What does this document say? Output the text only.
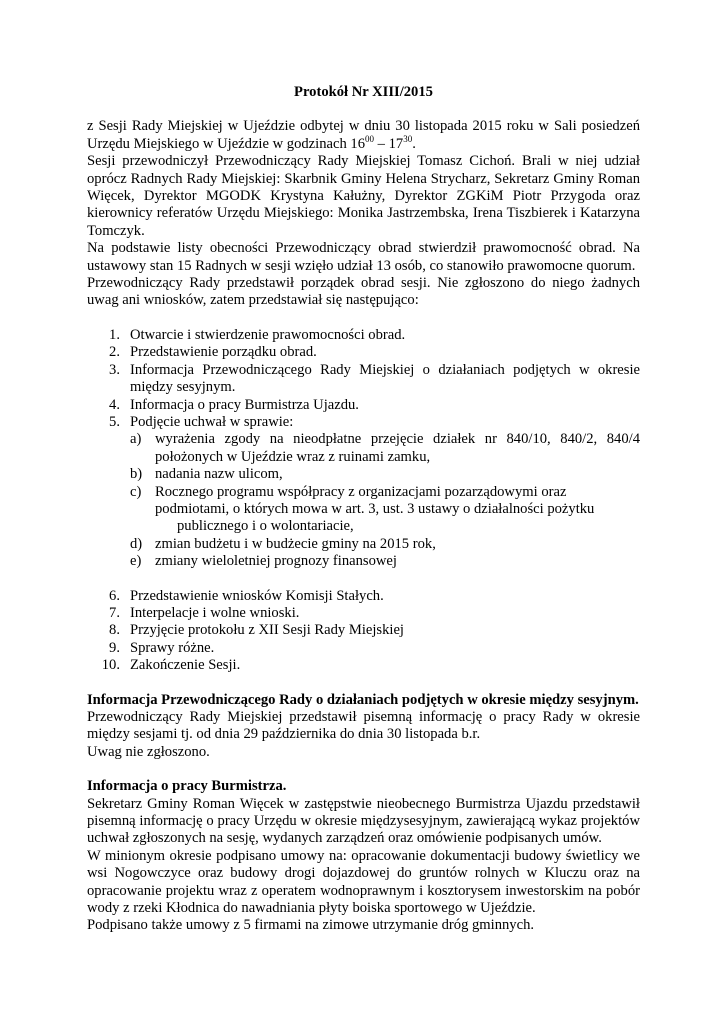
Protokół Nr XIII/2015

z Sesji Rady Miejskiej w Ujeździe odbytej w dniu 30 listopada 2015 roku w Sali posiedzeń Urzędu Miejskiego w Ujeździe w godzinach $16^{00} - 17^{30}$.

Sesji przewodniczył Przewodniczący Rady Miejskiej Tomasz Cichoń. Brali w niej udział oprócz Radnych Rady Miejskiej: Skarbnik Gminy Helena Strycharz, Sekretarz Gminy Roman Więcek, Dyrektor MGODK Krystyna Kałużny, Dyrektor ZGKiM Piotr Przygoda oraz kierownicy referatów Urzędu Miejskiego: Monika Jastrzembska, Irena Tiszbierek i Katarzyna Tomczyk.

Na podstawie listy obecności Przewodniczący obrad stwierdził prawomocność obrad. Na ustawowy stan 15 Radnych w sesji wzięło udział 13 osób, co stanowiło prawomocne quorum.

Przewodniczący Rady przedstawił porządek obrad sesji. Nie zgłoszono do niego żadnych uwag ani wniosków, zatem przedstawiał się następująco:

1. Otwarcie i stwierdzenie prawomocności obrad.
2. Przedstawienie porządku obrad.
3. Informacja Przewodniczącego Rady Miejskiej o działaniach podjętych w okresie między sesyjnym.
4. Informacja o pracy Burmistrza Ujazdu.
5. Podjęcie uchwał w sprawie:
a) wyrażenia zgody na nieodpłatne przejęcie działek nr 840/10, 840/2, 840/4 położonych w Ujeździe wraz z ruinami zamku,
b) nadania nazw ulicom,
c) Rocznego programu współpracy z organizacjami pozarządowymi oraz
podmiotami, o których mowa w art. 3, ust. 3 ustawy o działalności pożytku
publicznego i o wolontariacie,
d) zmian budżetu i w budżecie gminy na 2015 rok,
e) zmiany wieloletniej prognozy finansowej
6. Przedstawienie wniosków Komisji Stałych.
7. Interpelacje i wolne wnioski.
8. Przyjęcie protokołu z XII Sesji Rady Miejskiej
9. Sprawy różne.
10. Zakończenie Sesji.

Informacja Przewodniczącego Rady o działaniach podjętych w okresie między sesyjnym.

Przewodniczący Rady Miejskiej przedstawił pisemną informację o pracy Rady w okresie między sesjami tj. od dnia 29 października do dnia 30 listopada b.r.

Uwag nie zgłoszono.

Informacja o pracy Burmistrza.

Sekretarz Gminy Roman Więcek w zastępstwie nieobecnego Burmistrza Ujazdu przedstawił pisemną informację o pracy Urzędu w okresie międzysesyjnym, zawierającą wykaz projektów uchwał zgłoszonych na sesję, wydanych zarządzeń oraz omówienie podpisanych umów.

W minionym okresie podpisano umowy na: opracowanie dokumentacji budowy świetlicy we wsi Nogowczyce oraz budowy drogi dojazdowej do gruntów rolnych w Kluczu oraz na opracowanie projektu wraz z operatem wodnoprawnym i kosztorysem inwestorskim na pobór wody z rzeki Kłodnica do nawadniania płyty boiska sportowego w Ujeździe.

Podpisano także umowy z 5 firmami na zimowe utrzymanie dróg gminnych.
